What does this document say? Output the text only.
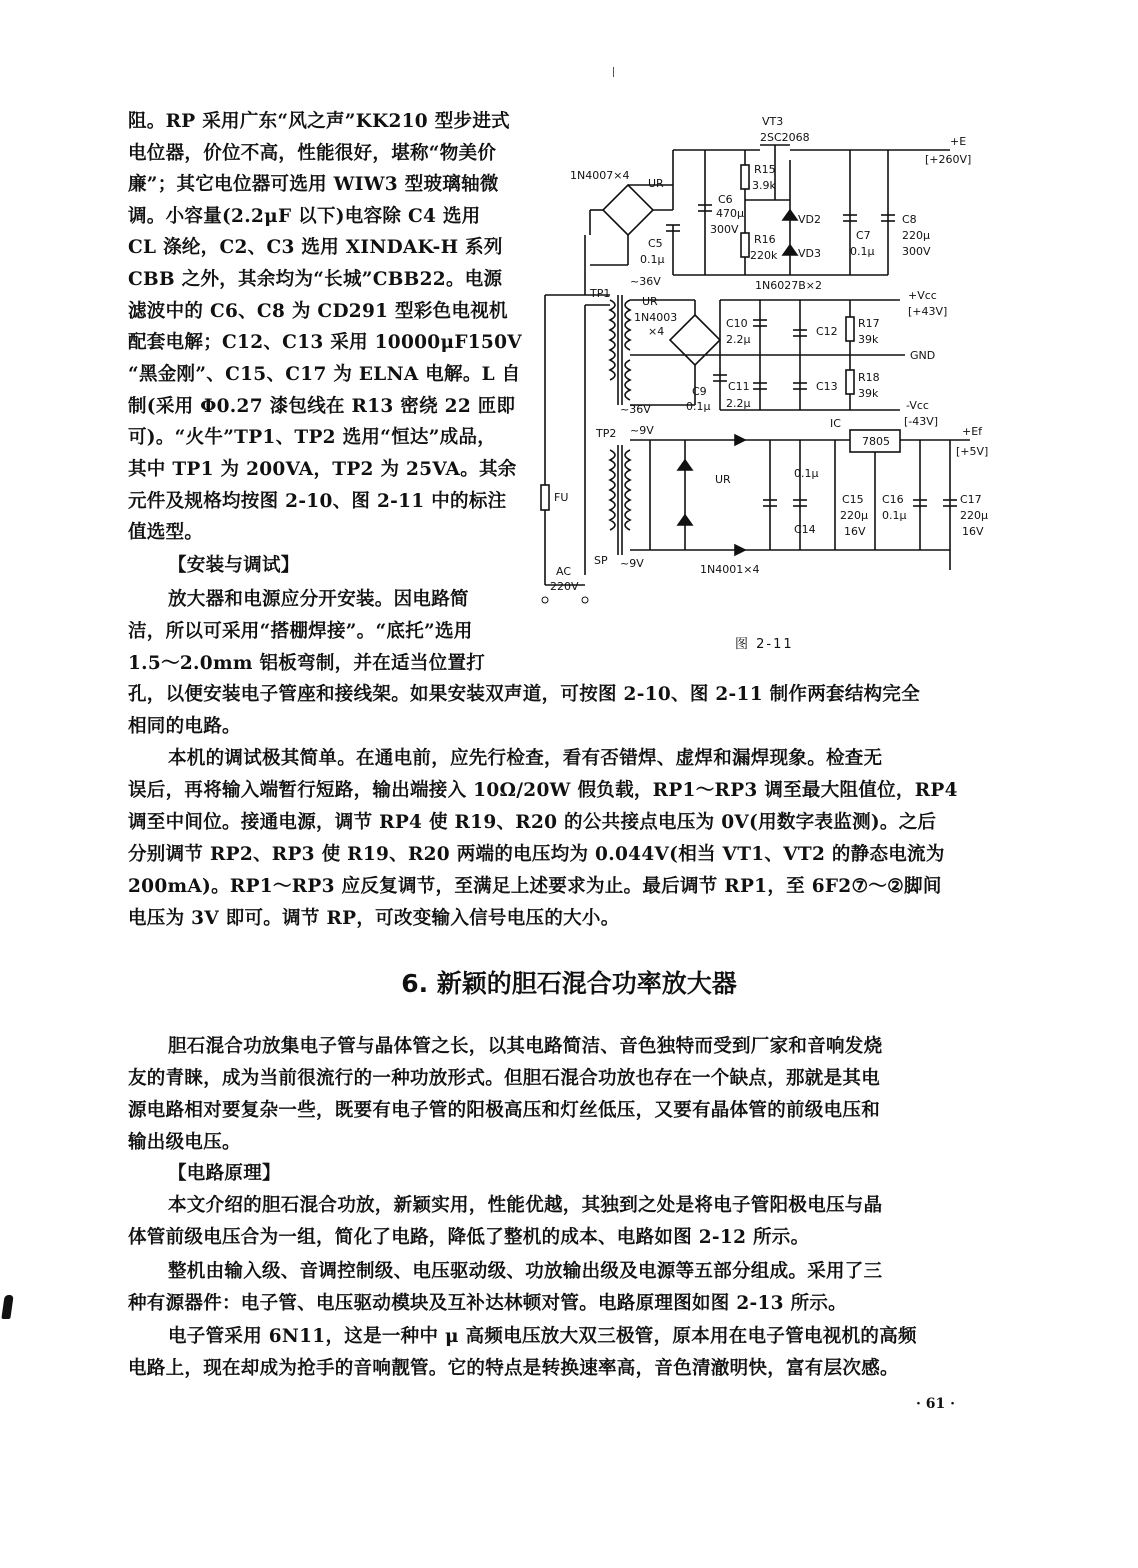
阻。RP 采用广东“风之声”KK210 型步进式
电位器，价位不高，性能很好，堪称“物美价
廉”；其它电位器可选用 WIW3 型玻璃轴微
调。小容量(2.2μF 以下)电容除 C4 选用
CL 涤纶，C2、C3 选用 XINDAK-H 系列
CBB 之外，其余均为“长城”CBB22。电源
滤波中的 C6、C8 为 CD291 型彩色电视机
配套电解；C12、C13 采用 10000μF150V
“黑金刚”、C15、C17 为 ELNA 电解。L 自
制(采用 Φ0.27 漆包线在 R13 密绕 22 匝即
可)。“火牛”TP1、TP2 选用“恒达”成品，
其中 TP1 为 200VA，TP2 为 25VA。其余
元件及规格均按图 2-10、图 2-11 中的标注
值选型。
【安装与调试】
放大器和电源应分开安装。因电路简
洁，所以可采用“搭棚焊接”。“底托”选用
1.5～2.0mm 铝板弯制，并在适当位置打
孔，以便安装电子管座和接线架。如果安装双声道，可按图 2-10、图 2-11 制作两套结构完全
相同的电路。
本机的调试极其简单。在通电前，应先行检查，看有否错焊、虚焊和漏焊现象。检查无
误后，再将输入端暂行短路，输出端接入 10Ω/20W 假负载，RP1～RP3 调至最大阻值位，RP4
调至中间位。接通电源，调节 RP4 使 R19、R20 的公共接点电压为 0V(用数字表监测)。之后
分别调节 RP2、RP3 使 R19、R20 两端的电压均为 0.044V(相当 VT1、VT2 的静态电流为
200mA)。RP1～RP3 应反复调节，至满足上述要求为止。最后调节 RP1，至 6F2⑦～②脚间
电压为 3V 即可。调节 RP，可改变输入信号电压的大小。
6. 新颖的胆石混合功率放大器
胆石混合功放集电子管与晶体管之长，以其电路简洁、音色独特而受到厂家和音响发烧
友的青睐，成为当前很流行的一种功放形式。但胆石混合功放也存在一个缺点，那就是其电
源电路相对要复杂一些，既要有电子管的阳极高压和灯丝低压，又要有晶体管的前级电压和
输出级电压。
【电路原理】
本文介绍的胆石混合功放，新颖实用，性能优越，其独到之处是将电子管阳极电压与晶
体管前级电压合为一组，简化了电路，降低了整机的成本、电路如图 2-12 所示。
整机由输入级、音调控制级、电压驱动级、功放输出级及电源等五部分组成。采用了三
种有源器件：电子管、电压驱动模块及互补达林顿对管。电路原理图如图 2-13 所示。
电子管采用 6N11，这是一种中 μ 高频电压放大双三极管，原本用在电子管电视机的高频
电路上，现在却成为抢手的音响靓管。它的特点是转换速率高，音色清澈明快，富有层次感。
· 61 ·
VT3
2SC2068	+E
[+260V]
1N4007×4
UR
C6
470μ
300V
R15
3.9k
R16
220k
VD2
VD3
C5
0.1μ
C7
0.1μ
C8
220μ
300V
~36V	1N6027B×2
+Vcc
[+43V]
TP1
UR
1N4003
×4
C10
2.2μ
C12
R17
39k
GND
C9
0.1μ
C11
2.2μ
C13
R18
39k
~36V	-Vcc
[-43V]
TP2 ~9V
IC
7805
+Ef
[+5V]
FU
UR
C14
0.1μ
C15
220μ
16V
C16
0.1μ
C17
220μ
16V
SP ~9V	1N4001×4
AC
220V
图 2-11
